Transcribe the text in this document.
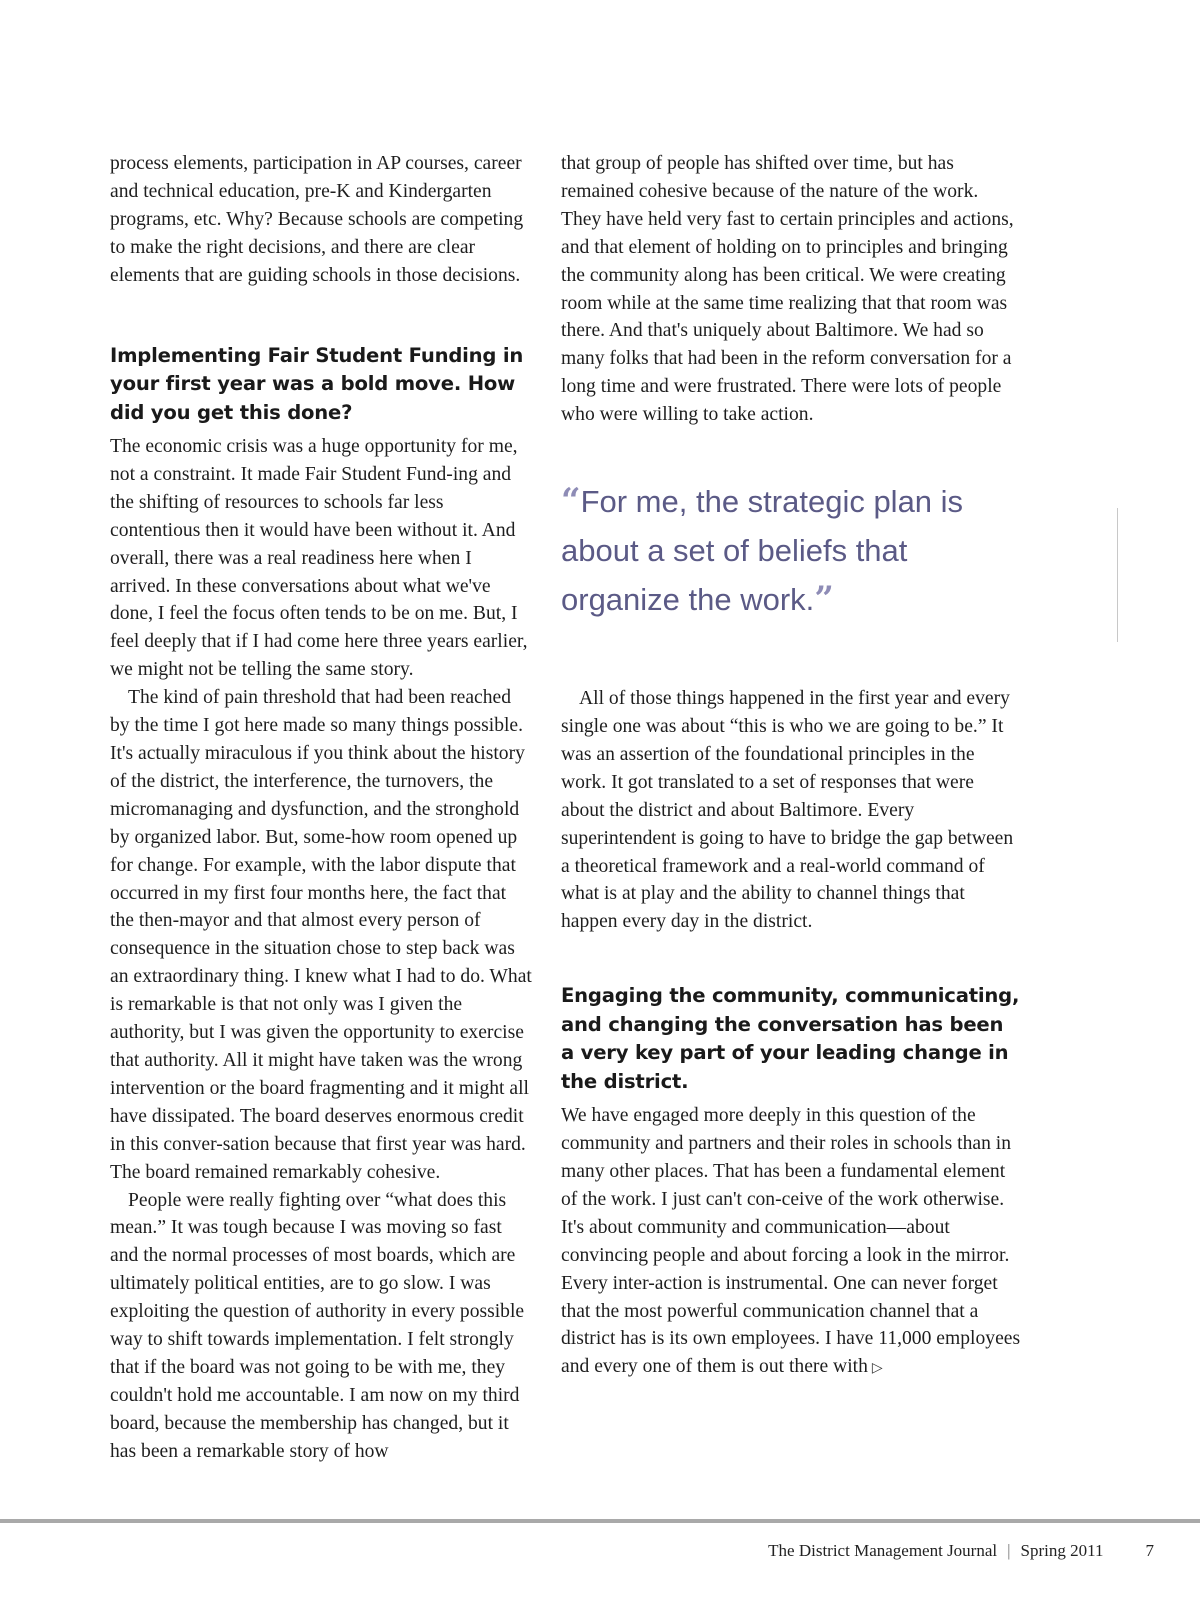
process elements, participation in AP courses, career and technical education, pre-K and Kindergarten programs, etc. Why? Because schools are competing to make the right decisions, and there are clear elements that are guiding schools in those decisions.

Implementing Fair Student Funding in your first year was a bold move. How did you get this done?

The economic crisis was a huge opportunity for me, not a constraint. It made Fair Student Fund-ing and the shifting of resources to schools far less contentious then it would have been without it. And overall, there was a real readiness here when I arrived. In these conversations about what we've done, I feel the focus often tends to be on me. But, I feel deeply that if I had come here three years earlier, we might not be telling the same story.

The kind of pain threshold that had been reached by the time I got here made so many things possible. It's actually miraculous if you think about the history of the district, the interference, the turnovers, the micromanaging and dysfunction, and the stronghold by organized labor. But, some-how room opened up for change. For example, with the labor dispute that occurred in my first four months here, the fact that the then-mayor and that almost every person of consequence in the situation chose to step back was an extraordinary thing. I knew what I had to do. What is remarkable is that not only was I given the authority, but I was given the opportunity to exercise that authority. All it might have taken was the wrong intervention or the board fragmenting and it might all have dissipated. The board deserves enormous credit in this conver-sation because that first year was hard. The board remained remarkably cohesive.

People were really fighting over “what does this mean.” It was tough because I was moving so fast and the normal processes of most boards, which are ultimately political entities, are to go slow. I was exploiting the question of authority in every possible way to shift towards implementation. I felt strongly that if the board was not going to be with me, they couldn't hold me accountable. I am now on my third board, because the membership has changed, but it has been a remarkable story of how

that group of people has shifted over time, but has remained cohesive because of the nature of the work. They have held very fast to certain principles and actions, and that element of holding on to principles and bringing the community along has been critical. We were creating room while at the same time realizing that that room was there. And that's uniquely about Baltimore. We had so many folks that had been in the reform conversation for a long time and were frustrated. There were lots of people who were willing to take action.

“For me, the strategic plan is about a set of beliefs that organize the work.”

All of those things happened in the first year and every single one was about “this is who we are going to be.” It was an assertion of the foundational principles in the work. It got translated to a set of responses that were about the district and about Baltimore. Every superintendent is going to have to bridge the gap between a theoretical framework and a real-world command of what is at play and the ability to channel things that happen every day in the district.

Engaging the community, communicating, and changing the conversation has been a very key part of your leading change in the district.

We have engaged more deeply in this question of the community and partners and their roles in schools than in many other places. That has been a fundamental element of the work. I just can't con-ceive of the work otherwise. It's about community and communication—about convincing people and about forcing a look in the mirror. Every inter-action is instrumental. One can never forget that the most powerful communication channel that a district has is its own employees. I have 11,000 employees and every one of them is out there with ▷

The District Management Journal | Spring 2011 7
